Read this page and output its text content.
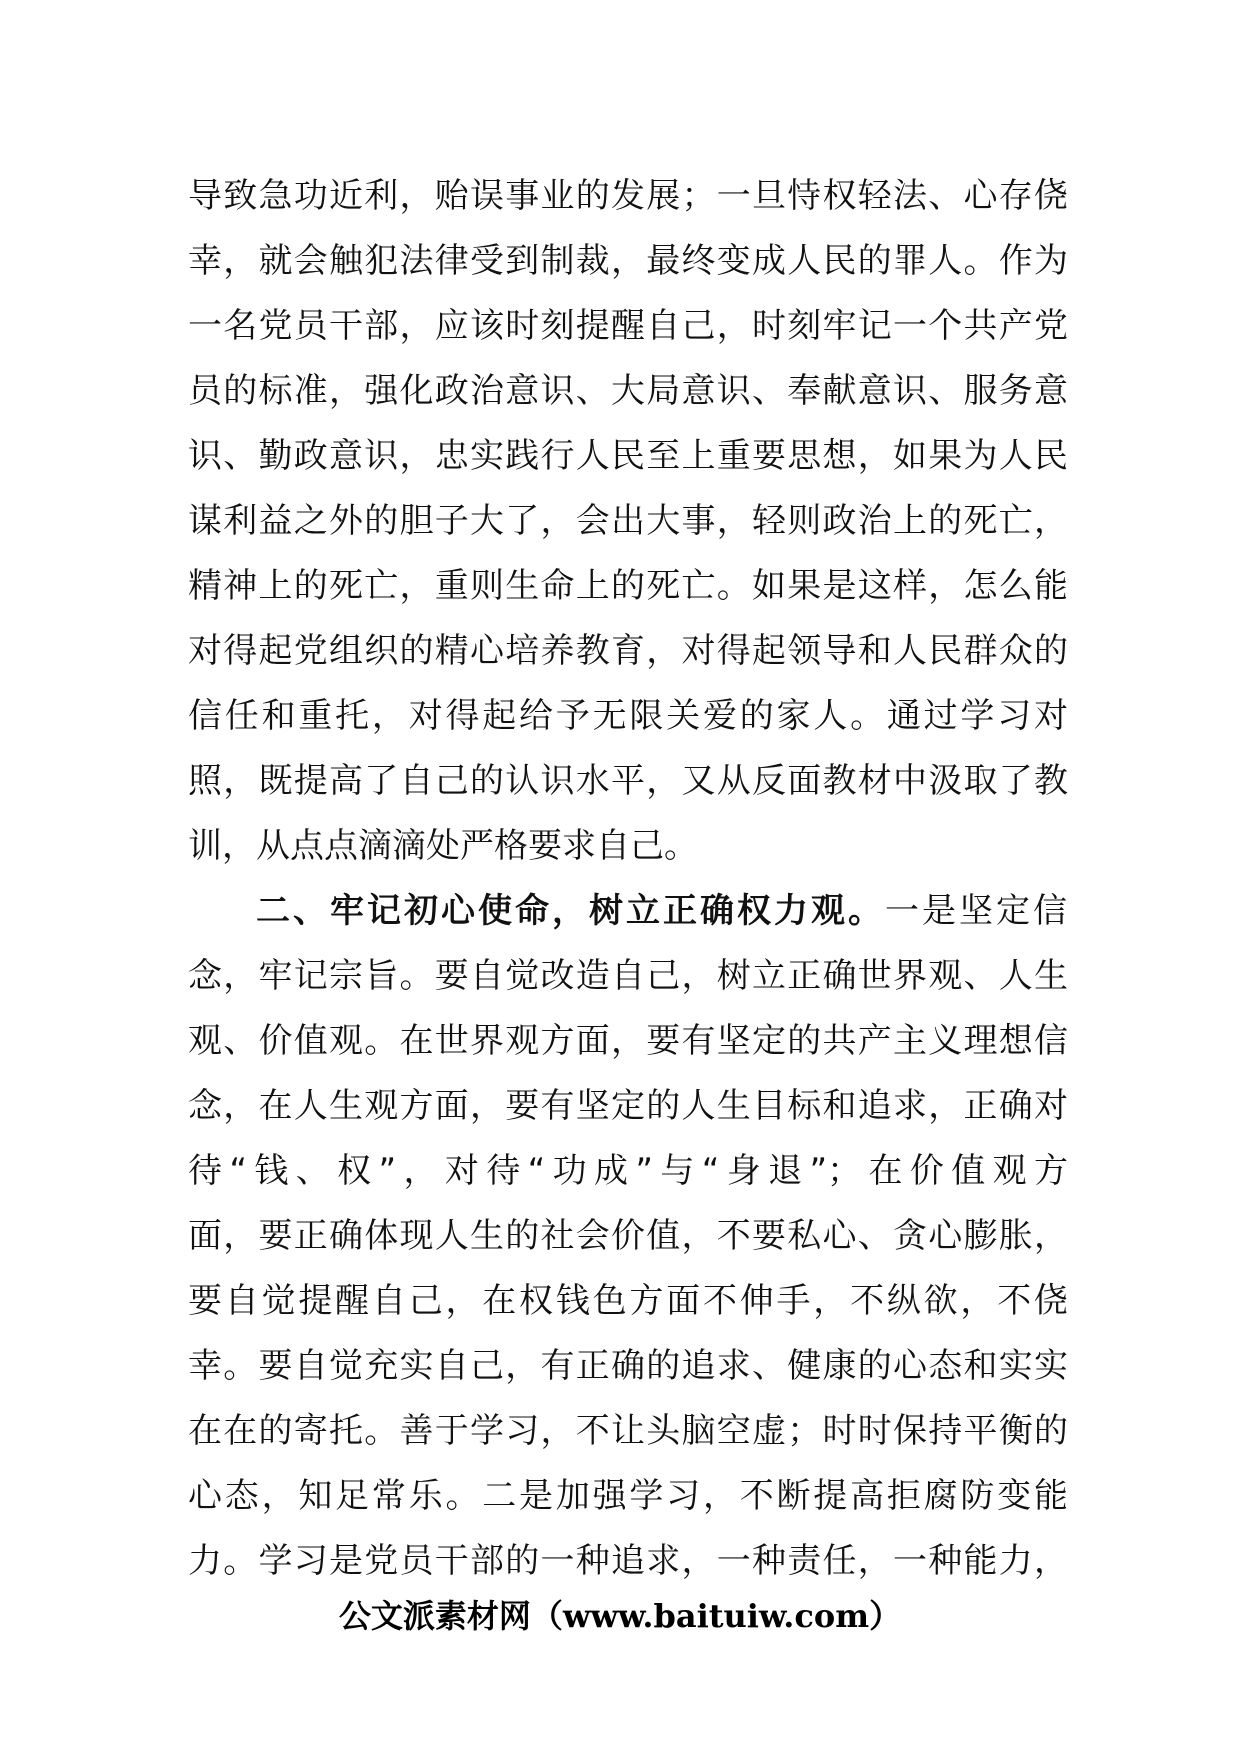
导致急功近利，贻误事业的发展；一旦恃权轻法、心存侥
幸，就会触犯法律受到制裁，最终变成人民的罪人。作为
一名党员干部，应该时刻提醒自己，时刻牢记一个共产党
员的标准，强化政治意识、大局意识、奉献意识、服务意
识、勤政意识，忠实践行人民至上重要思想，如果为人民
谋利益之外的胆子大了，会出大事，轻则政治上的死亡，
精神上的死亡，重则生命上的死亡。如果是这样，怎么能
对得起党组织的精心培养教育，对得起领导和人民群众的
信任和重托，对得起给予无限关爱的家人。通过学习对
照，既提高了自己的认识水平，又从反面教材中汲取了教
训，从点点滴滴处严格要求自己。
二、牢记初心使命，树立正确权力观。一是坚定信
念，牢记宗旨。要自觉改造自己，树立正确世界观、人生
观、价值观。在世界观方面，要有坚定的共产主义理想信
念，在人生观方面，要有坚定的人生目标和追求，正确对
待“钱、权”，对待“功成”与“身退”；在价值观方
面，要正确体现人生的社会价值，不要私心、贪心膨胀，
要自觉提醒自己，在权钱色方面不伸手，不纵欲，不侥
幸。要自觉充实自己，有正确的追求、健康的心态和实实
在在的寄托。善于学习，不让头脑空虚；时时保持平衡的
心态，知足常乐。二是加强学习，不断提高拒腐防变能
力。学习是党员干部的一种追求，一种责任，一种能力，
公文派素材网（www.baituiw.com）
